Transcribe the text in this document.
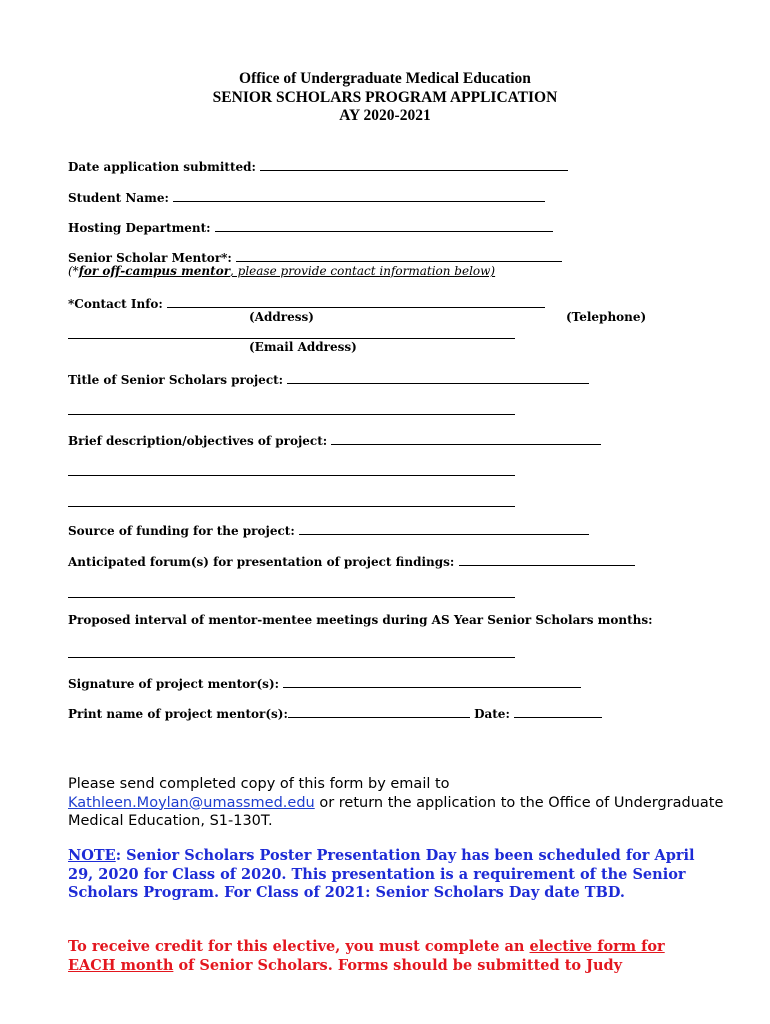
Office of Undergraduate Medical Education
SENIOR SCHOLARS PROGRAM APPLICATION
AY 2020-2021
Date application submitted:
Student Name:
Hosting Department:
Senior Scholar Mentor*:
(*for off-campus mentor, please provide contact information below)
*Contact Info:
(Address)	(Telephone)
(Email Address)
Title of Senior Scholars project:
Brief description/objectives of project:
Source of funding for the project:
Anticipated forum(s) for presentation of project findings:
Proposed interval of mentor-mentee meetings during AS Year Senior Scholars months:
Signature of project mentor(s):
Print name of project mentor(s):	Date:
Please send completed copy of this form by email to
Kathleen.Moylan@umassmed.edu or return the application to the Office of Undergraduate Medical Education, S1-130T.
NOTE: Senior Scholars Poster Presentation Day has been scheduled for April 29, 2020 for Class of 2020. This presentation is a requirement of the Senior Scholars Program. For Class of 2021: Senior Scholars Day date TBD.
To receive credit for this elective, you must complete an elective form for EACH month of Senior Scholars. Forms should be submitted to Judy
